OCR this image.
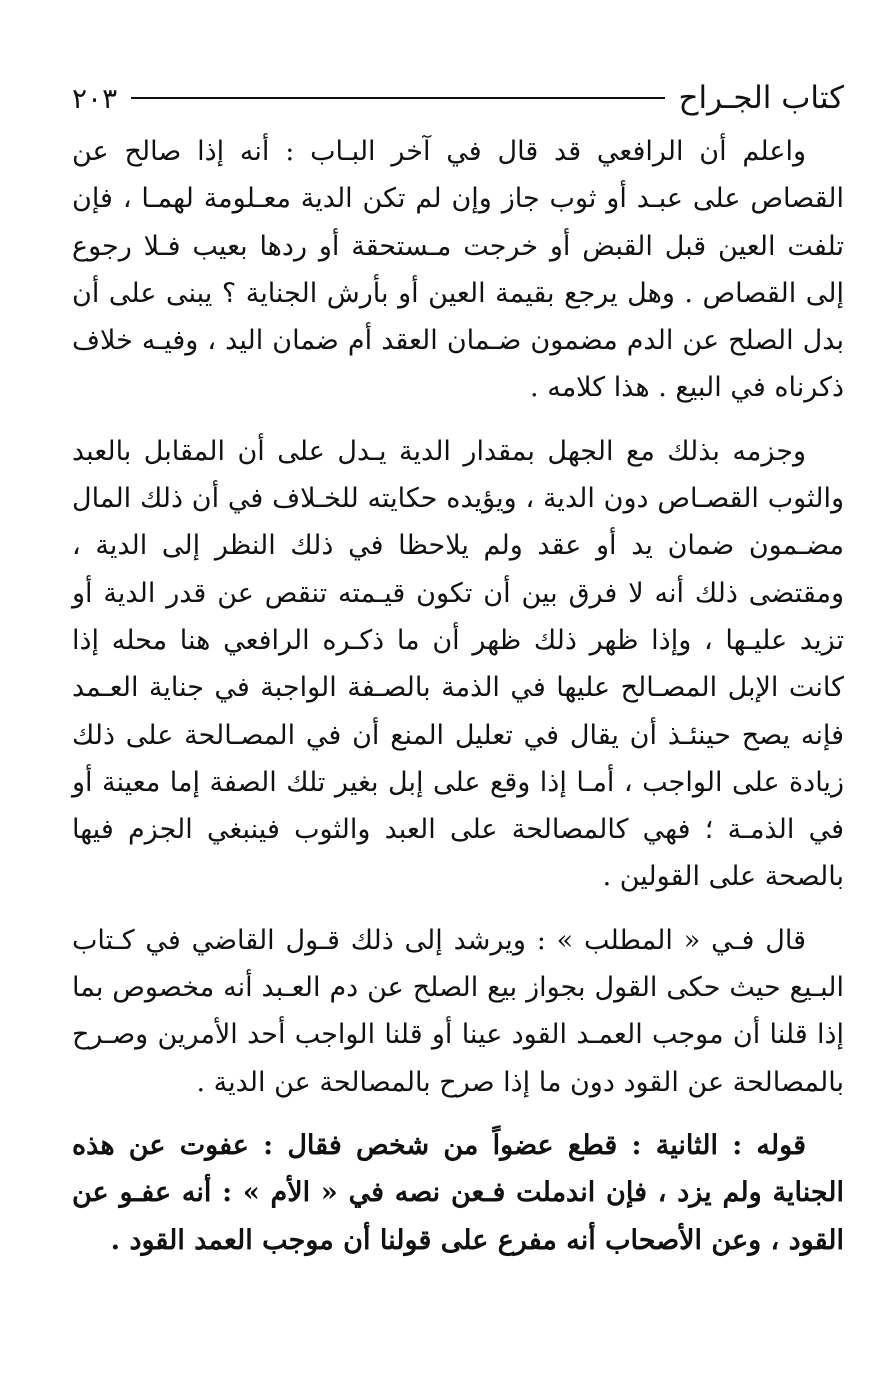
كتاب الجـراح
٢٠٣

واعلم أن الرافعي قد قال في آخر البـاب : أنه إذا صالح عن القصاص على عبـد أو ثوب جاز وإن لم تكن الدية معـلومة لهمـا ، فإن تلفت العين قبل القبض أو خرجت مـستحقة أو ردها بعيب فـلا رجوع إلى القصاص . وهل يرجع بقيمة العين أو بأرش الجناية ؟ يبنى على أن بدل الصلح عن الدم مضمون ضـمان العقد أم ضمان اليد ، وفيـه خلاف ذكرناه في البيع . هذا كلامه .

وجزمه بذلك مع الجهل بمقدار الدية يـدل على أن المقابل بالعبد والثوب القصـاص دون الدية ، ويؤيده حكايته للخـلاف في أن ذلك المال مضـمون ضمان يد أو عقد ولم يلاحظا في ذلك النظر إلى الدية ، ومقتضى ذلك أنه لا فرق بين أن تكون قيـمته تنقص عن قدر الدية أو تزيد عليـها ، وإذا ظهر ذلك ظهر أن ما ذكـره الرافعي هنا محله إذا كانت الإبل المصـالح عليها في الذمة بالصـفة الواجبة في جناية العـمد فإنه يصح حينئـذ أن يقال في تعليل المنع أن في المصـالحة على ذلك زيادة على الواجب ، أمـا إذا وقع على إبل بغير تلك الصفة إما معينة أو في الذمـة ؛ فهي كالمصالحة على العبد والثوب فينبغي الجزم فيها بالصحة على القولين .

قال فـي « المطلب » : ويرشد إلى ذلك قـول القاضي في كـتاب البـيع حيث حكى القول بجواز بيع الصلح عن دم العـبد أنه مخصوص بما إذا قلنا أن موجب العمـد القود عينا أو قلنا الواجب أحد الأمرين وصـرح بالمصالحة عن القود دون ما إذا صرح بالمصالحة عن الدية .

قوله : الثانية : قطع عضواً من شخص فقال : عفوت عن هذه الجناية ولم يزد ، فإن اندملت فـعن نصه في « الأم » : أنه عفـو عن القود ، وعن الأصحاب أنه مفرع على قولنا أن موجب العمد القود .
